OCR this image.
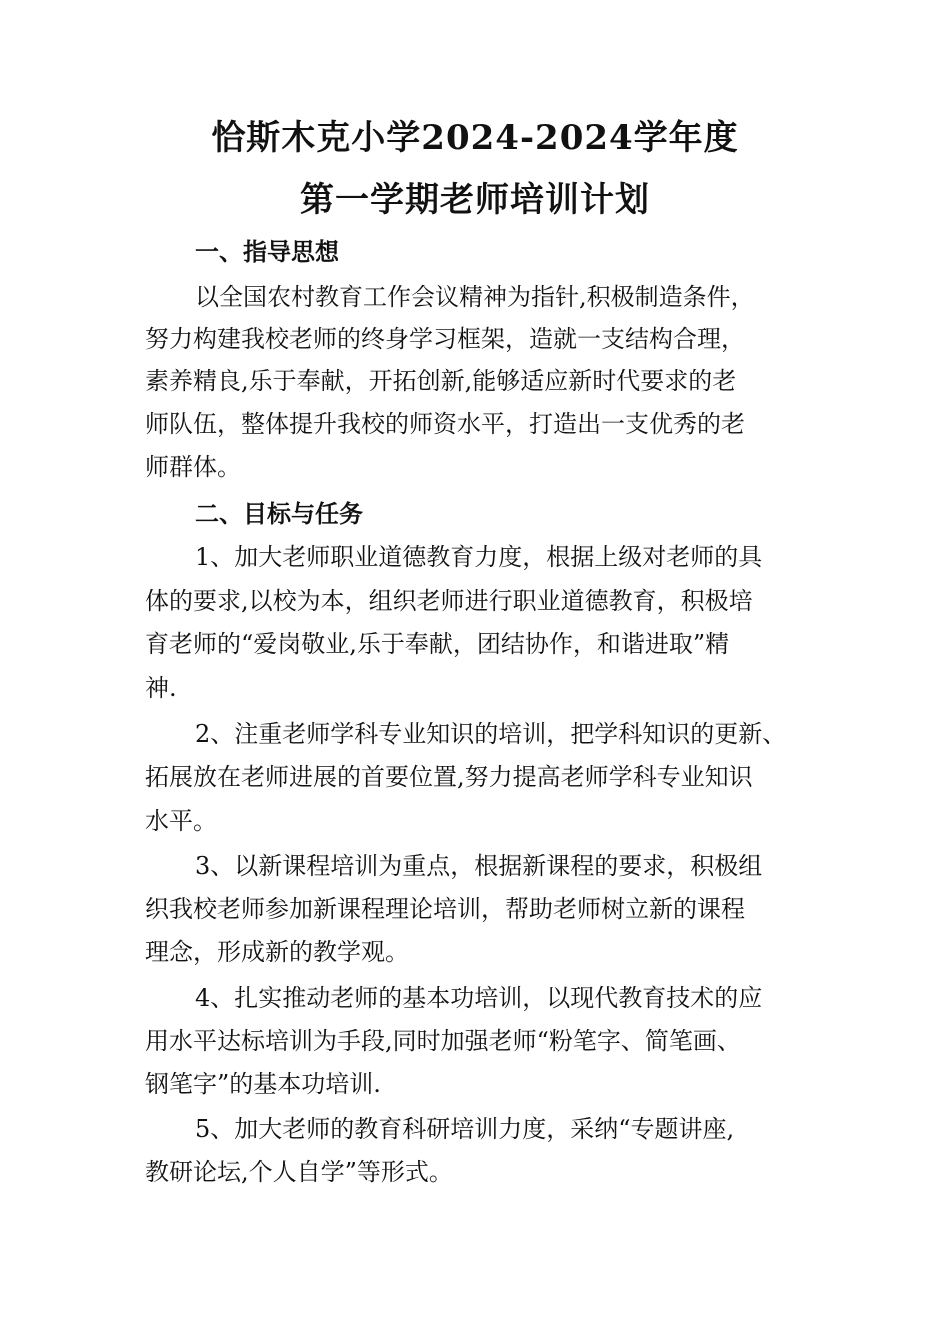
恰斯木克小学2024-2024学年度
第一学期老师培训计划
一、指导思想
以全国农村教育工作会议精神为指针,积极制造条件，
努力构建我校老师的终身学习框架，造就一支结构合理，
素养精良,乐于奉献，开拓创新,能够适应新时代要求的老
师队伍，整体提升我校的师资水平，打造出一支优秀的老
师群体。
二、目标与任务
1、加大老师职业道德教育力度，根据上级对老师的具
体的要求,以校为本，组织老师进行职业道德教育，积极培
育老师的“爱岗敬业,乐于奉献，团结协作，和谐进取”精
神.
2、注重老师学科专业知识的培训，把学科知识的更新、
拓展放在老师进展的首要位置,努力提高老师学科专业知识
水平。
3、以新课程培训为重点，根据新课程的要求，积极组
织我校老师参加新课程理论培训，帮助老师树立新的课程
理念，形成新的教学观。
4、扎实推动老师的基本功培训，以现代教育技术的应
用水平达标培训为手段,同时加强老师“粉笔字、简笔画、
钢笔字”的基本功培训.
5、加大老师的教育科研培训力度，采纳“专题讲座,
教研论坛,个人自学”等形式。
